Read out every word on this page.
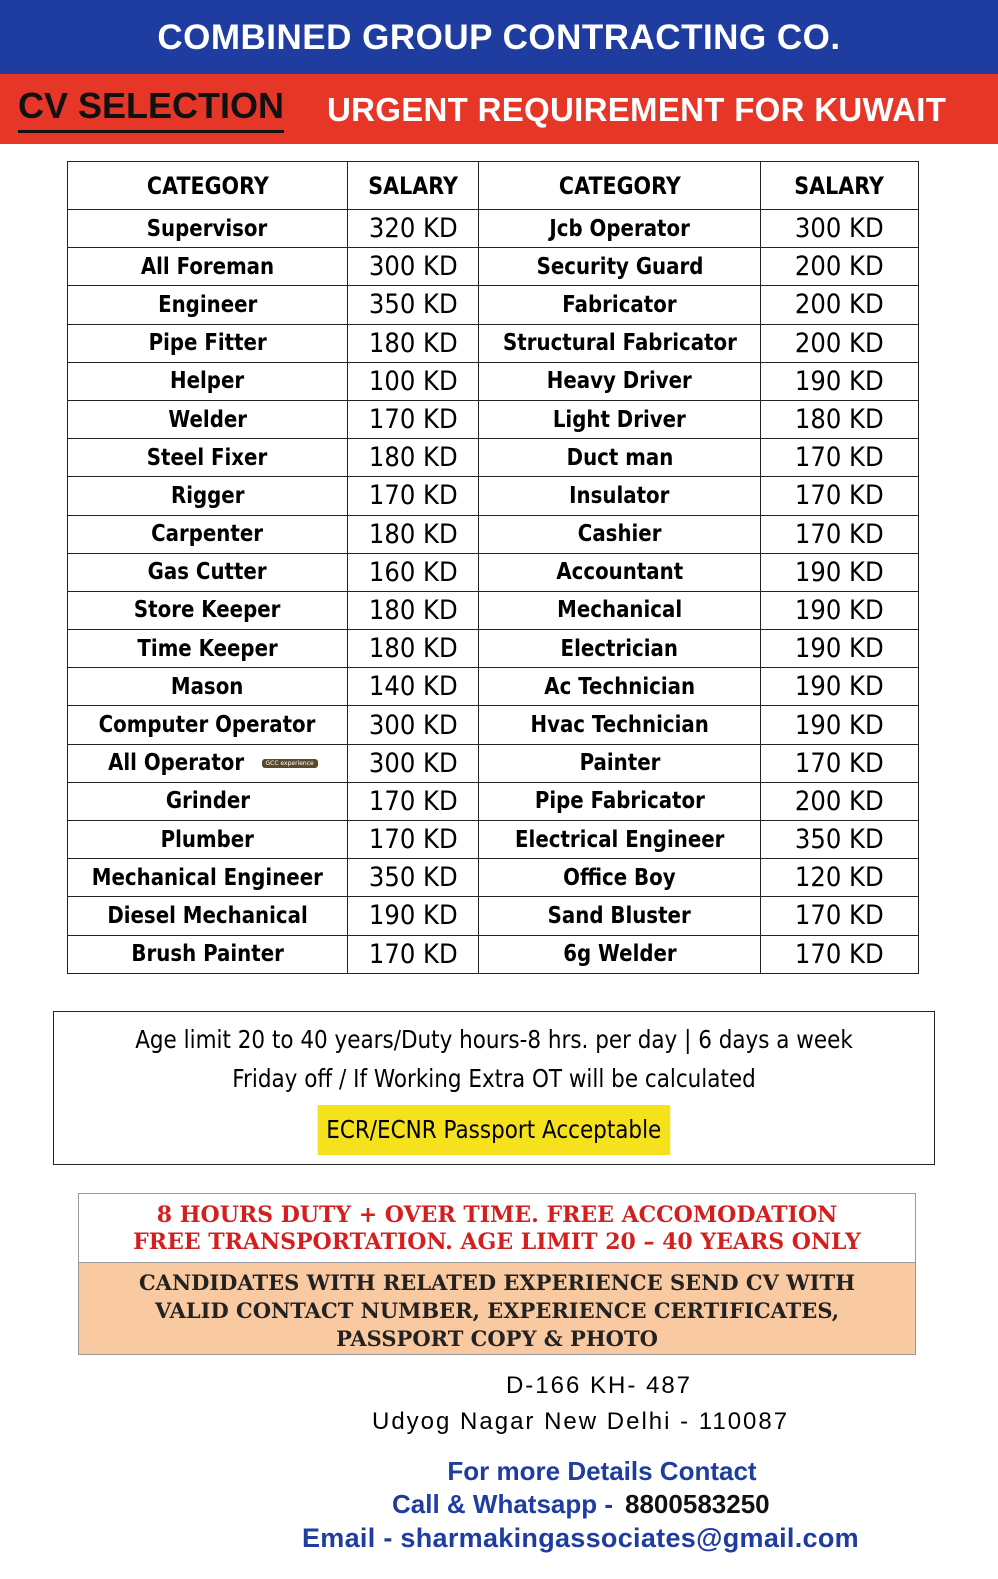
COMBINED GROUP CONTRACTING CO.
CV SELECTION URGENT REQUIREMENT FOR KUWAIT
CATEGORY	SALARY	CATEGORY	SALARY
Supervisor	320 KD	Jcb Operator	300 KD
All Foreman	300 KD	Security Guard	200 KD
Engineer	350 KD	Fabricator	200 KD
Pipe Fitter	180 KD	Structural Fabricator	200 KD
Helper	100 KD	Heavy Driver	190 KD
Welder	170 KD	Light Driver	180 KD
Steel Fixer	180 KD	Duct man	170 KD
Rigger	170 KD	Insulator	170 KD
Carpenter	180 KD	Cashier	170 KD
Gas Cutter	160 KD	Accountant	190 KD
Store Keeper	180 KD	Mechanical	190 KD
Time Keeper	180 KD	Electrician	190 KD
Mason	140 KD	Ac Technician	190 KD
Computer Operator	300 KD	Hvac Technician	190 KD
All Operator GCC experience	300 KD	Painter	170 KD
Grinder	170 KD	Pipe Fabricator	200 KD
Plumber	170 KD	Electrical Engineer	350 KD
Mechanical Engineer	350 KD	Office Boy	120 KD
Diesel Mechanical	190 KD	Sand Bluster	170 KD
Brush Painter	170 KD	6g Welder	170 KD
Age limit 20 to 40 years/Duty hours-8 hrs. per day | 6 days a week
Friday off / If Working Extra OT will be calculated
ECR/ECNR Passport Acceptable
8 HOURS DUTY + OVER TIME. FREE ACCOMODATION
FREE TRANSPORTATION. AGE LIMIT 20 – 40 YEARS ONLY
CANDIDATES WITH RELATED EXPERIENCE SEND CV WITH
VALID CONTACT NUMBER, EXPERIENCE CERTIFICATES,
PASSPORT COPY & PHOTO
D-166 KH- 487
Udyog Nagar New Delhi - 110087
For more Details Contact
Call & Whatsapp - 8800583250
Email - sharmakingassociates@gmail.com
